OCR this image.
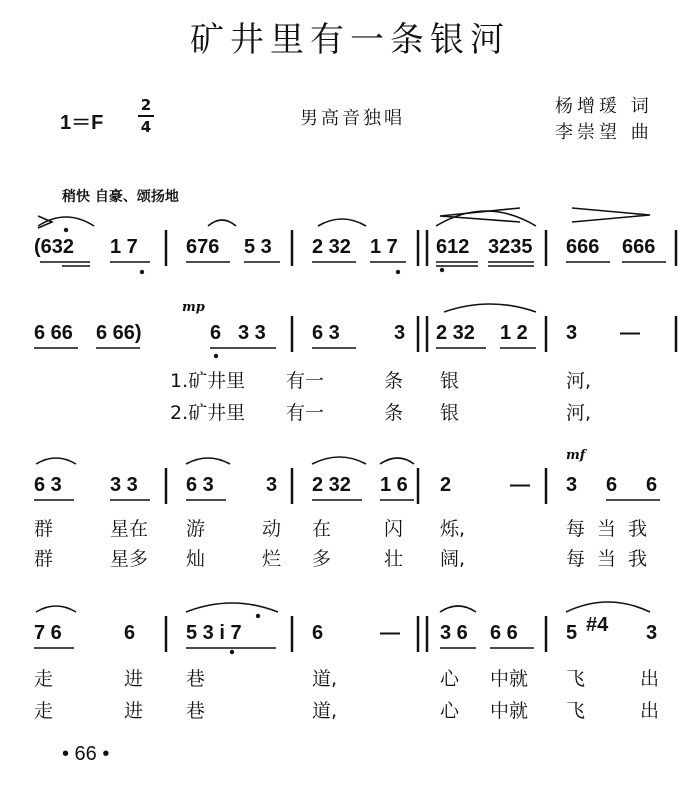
矿井里有一条银河
1＝F
2
4	男高音独唱
杨增瑗 词
李崇望 曲
稍快 自豪、颂扬地
(632 1 7 676 5 3 2 32 1 7 612 3235 666 666
mp
6 66 6 66)	6 3 3 6 3	3 2 32 1 2 3 —
1.矿井里 有一	条 银	河,
2.矿井里 有一	条 银	河,
mf
6 3 3 3 6 3	3 2 32 1 6 2	— 3 6 6
群	星在 游	动 在	闪 烁,	每当我
群	星多 灿	烂 多	壮 阔,	每当我
7 6	6	5 3 i 7	6	— 3 6 6 6 5 #4 3
走	进 巷	道,	心 中就 飞	出
走	进 巷	道,	心 中就 飞	出
• 66 •
